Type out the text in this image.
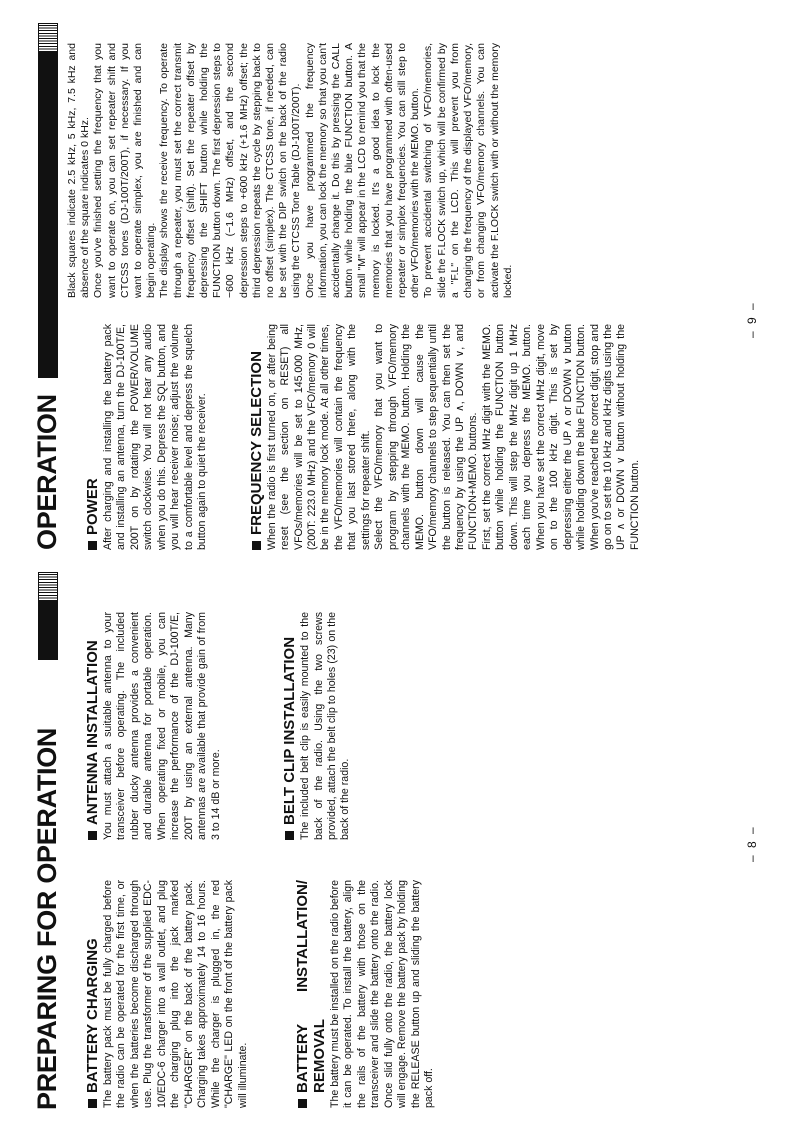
PREPARING FOR OPERATION BATTERY CHARGING The battery pack must be fully charged before the radio can be operated for the first time, or when the batteries become discharged through use. Plug the transformer of the supplied EDC-10/EDC-6 charger into a wall outlet, and plug the charging plug into the jack marked "CHARGER" on the back of the battery pack. Charging takes approximately 14 to 16 hours. While the charger is plugged in, the red "CHARGE" LED on the front of the battery pack will illuminate.	BATTERY INSTALLATION/ REMOVAL The battery must be installed on the radio before it can be operated. To install the battery, align the rails of the battery with those on the transceiver and slide the battery onto the radio. Once slid fully onto the radio, the battery lock will engage. Remove the battery pack by holding the RELEASE button up and sliding the battery pack off.

ANTENNA INSTALLATION You must attach a suitable antenna to your transceiver before operating. The included rubber ducky antenna provides a convenient and durable antenna for portable operation. When operating fixed or mobile, you can increase the performance of the DJ-100T/E, 200T by using an external antenna. Many antennas are available that provide gain of from 3 to 14 dB or more.	BELT CLIP INSTALLATION The included belt clip is easily mounted to the back of the radio. Using the two screws provided, attach the belt clip to holes (23) on the back of the radio.

– 8 –
OPERATION POWER After charging and installing the battery pack and installing an antenna, turn the DJ-100T/E, 200T on by rotating the POWER/VOLUME switch clockwise. You will not hear any audio when you do this. Depress the SQL button, and you will hear receiver noise; adjust the volume to a comfortable level and depress the squelch button again to quiet the receiver.	FREQUENCY SELECTION When the radio is first turned on, or after being reset (see the section on RESET) all VFOs/memories will be set to 145.000 MHz, (200T: 223.0 MHz) and the VFO/memory 0 will be in the memory lock mode. At all other times, the VFO/memories will contain the frequency that you last stored there, along with the settings for repeater shift. Select the VFO/memory that you want to program by stepping through VFO/memory channels with the MEMO. button. Holding the MEMO. button down will cause the VFO/memory channels to step sequentially until the button is released. You can then set the frequency by using the UP ∧, DOWN ∨, and FUNCTION+MEMO. buttons. First, set the correct MHz digit with the MEMO. button while holding the FUNCTION button down. This will step the MHz digit up 1 MHz each time you depress the MEMO. button. When you have set the correct MHz digit, move on to the 100 kHz digit. This is set by depressing either the UP ∧ or DOWN ∨ button while holding down the blue FUNCTION button. When you've reached the correct digit, stop and go on to set the 10 kHz and kHz digits using the UP ∧ or DOWN ∨ button without holding the FUNCTION button.

Black squares indicate 2.5 kHz, 5 kHz, 7.5 kHz and absence of the square indicates 0 kHz. Once you've finished setting the frequency that you want to operate on, you can set repeater shift and CTCSS tones (DJ-100T/200T), if necessary. If you want to operate simplex, you are finished and can begin operating. The display shows the receive frequency. To operate through a repeater, you must set the correct transmit frequency offset (shift). Set the repeater offset by depressing the SHIFT button while holding the FUNCTION button down. The first depression steps to −600 kHz (−1.6 MHz) offset, and the second depression steps to +600 kHz (+1.6 MHz) offset; the third depression repeats the cycle by stepping back to no offset (simplex). The CTCSS tone, if needed, can be set with the DIP switch on the back of the radio using the CTCSS Tone Table (DJ-100T/200T). Once you have programmed the frequency information, you can lock the memory so that you can't accidentally change it. Do this by pressing the CALL button while holding the blue FUNCTION button. A small "M" will appear in the LCD to remind you that the memory is locked. It's a good idea to lock the memories that you have programmed with often-used repeater or simplex frequencies. You can still step to other VFO/memories with the MEMO. button. To prevent accidental switching of VFO/memories, slide the F.LOCK switch up, which will be confirmed by a "F.L" on the LCD. This will prevent you from changing the frequency of the displayed VFO/memory, or from changing VFO/memory channels. You can activate the F.LOCK switch with or without the memory locked.

– 9 –
